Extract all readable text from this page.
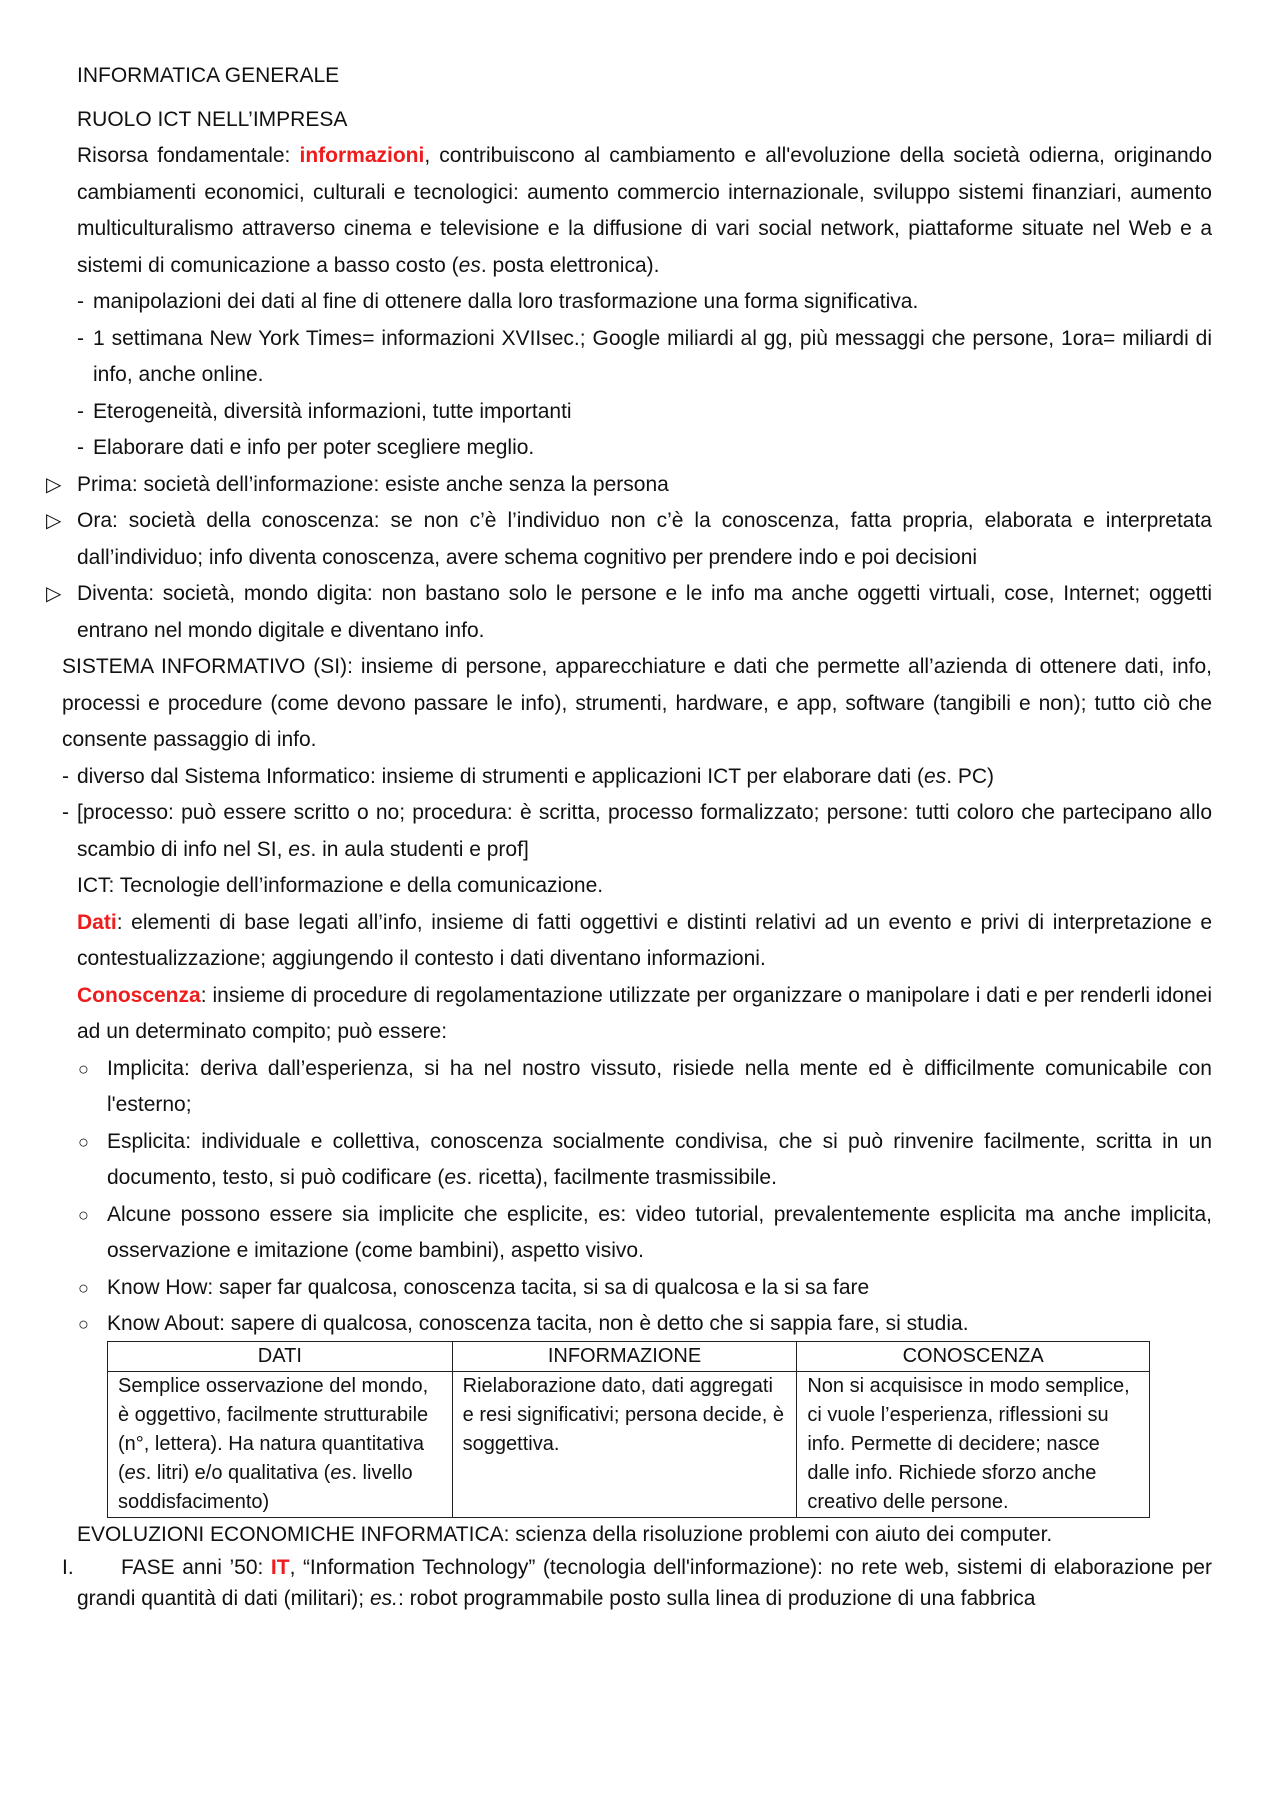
INFORMATICA GENERALE

RUOLO ICT NELL’IMPRESA

Risorsa fondamentale: informazioni, contribuiscono al cambiamento e all'evoluzione della società odierna, originando cambiamenti economici, culturali e tecnologici: aumento commercio internazionale, sviluppo sistemi finanziari, aumento multiculturalismo attraverso cinema e televisione e la diffusione di vari social network, piattaforme situate nel Web e a sistemi di comunicazione a basso costo (es. posta elettronica).

- manipolazioni dei dati al fine di ottenere dalla loro trasformazione una forma significativa.

- 1 settimana New York Times= informazioni XVIIsec.; Google miliardi al gg, più messaggi che persone, 1ora= miliardi di info, anche online.

- Eterogeneità, diversità informazioni, tutte importanti

- Elaborare dati e info per poter scegliere meglio.

▷ Prima: società dell’informazione: esiste anche senza la persona

▷ Ora: società della conoscenza: se non c’è l’individuo non c’è la conoscenza, fatta propria, elaborata e interpretata dall’individuo; info diventa conoscenza, avere schema cognitivo per prendere indo e poi decisioni

▷ Diventa: società, mondo digita: non bastano solo le persone e le info ma anche oggetti virtuali, cose, Internet; oggetti entrano nel mondo digitale e diventano info.

SISTEMA INFORMATIVO (SI): insieme di persone, apparecchiature e dati che permette all’azienda di ottenere dati, info, processi e procedure (come devono passare le info), strumenti, hardware, e app, software (tangibili e non); tutto ciò che consente passaggio di info.

- diverso dal Sistema Informatico: insieme di strumenti e applicazioni ICT per elaborare dati (es. PC)

- [processo: può essere scritto o no; procedura: è scritta, processo formalizzato; persone: tutti coloro che partecipano allo scambio di info nel SI, es. in aula studenti e prof]

ICT: Tecnologie dell’informazione e della comunicazione.

Dati: elementi di base legati all’info, insieme di fatti oggettivi e distinti relativi ad un evento e privi di interpretazione e contestualizzazione; aggiungendo il contesto i dati diventano informazioni.

Conoscenza: insieme di procedure di regolamentazione utilizzate per organizzare o manipolare i dati e per renderli idonei ad un determinato compito; può essere:

○ Implicita: deriva dall’esperienza, si ha nel nostro vissuto, risiede nella mente ed è difficilmente comunicabile con l'esterno;

○ Esplicita: individuale e collettiva, conoscenza socialmente condivisa, che si può rinvenire facilmente, scritta in un documento, testo, si può codificare (es. ricetta), facilmente trasmissibile.

○ Alcune possono essere sia implicite che esplicite, es: video tutorial, prevalentemente esplicita ma anche implicita, osservazione e imitazione (come bambini), aspetto visivo.

○ Know How: saper far qualcosa, conoscenza tacita, si sa di qualcosa e la si sa fare

○ Know About: sapere di qualcosa, conoscenza tacita, non è detto che si sappia fare, si studia.

DATI	INFORMAZIONE	CONOSCENZA
Semplice osservazione del mondo, è oggettivo, facilmente strutturabile (n°, lettera). Ha natura quantitativa (es. litri) e/o qualitativa (es. livello soddisfacimento)	Rielaborazione dato, dati aggregati e resi significativi; persona decide, è soggettiva.	Non si acquisisce in modo semplice, ci vuole l’esperienza, riflessioni su info. Permette di decidere; nasce dalle info. Richiede sforzo anche creativo delle persone.

EVOLUZIONI ECONOMICHE INFORMATICA: scienza della risoluzione problemi con aiuto dei computer.

I. FASE anni ’50: IT, “Information Technology” (tecnologia dell'informazione): no rete web, sistemi di elaborazione per grandi quantità di dati (militari); es.: robot programmabile posto sulla linea di produzione di una fabbrica
